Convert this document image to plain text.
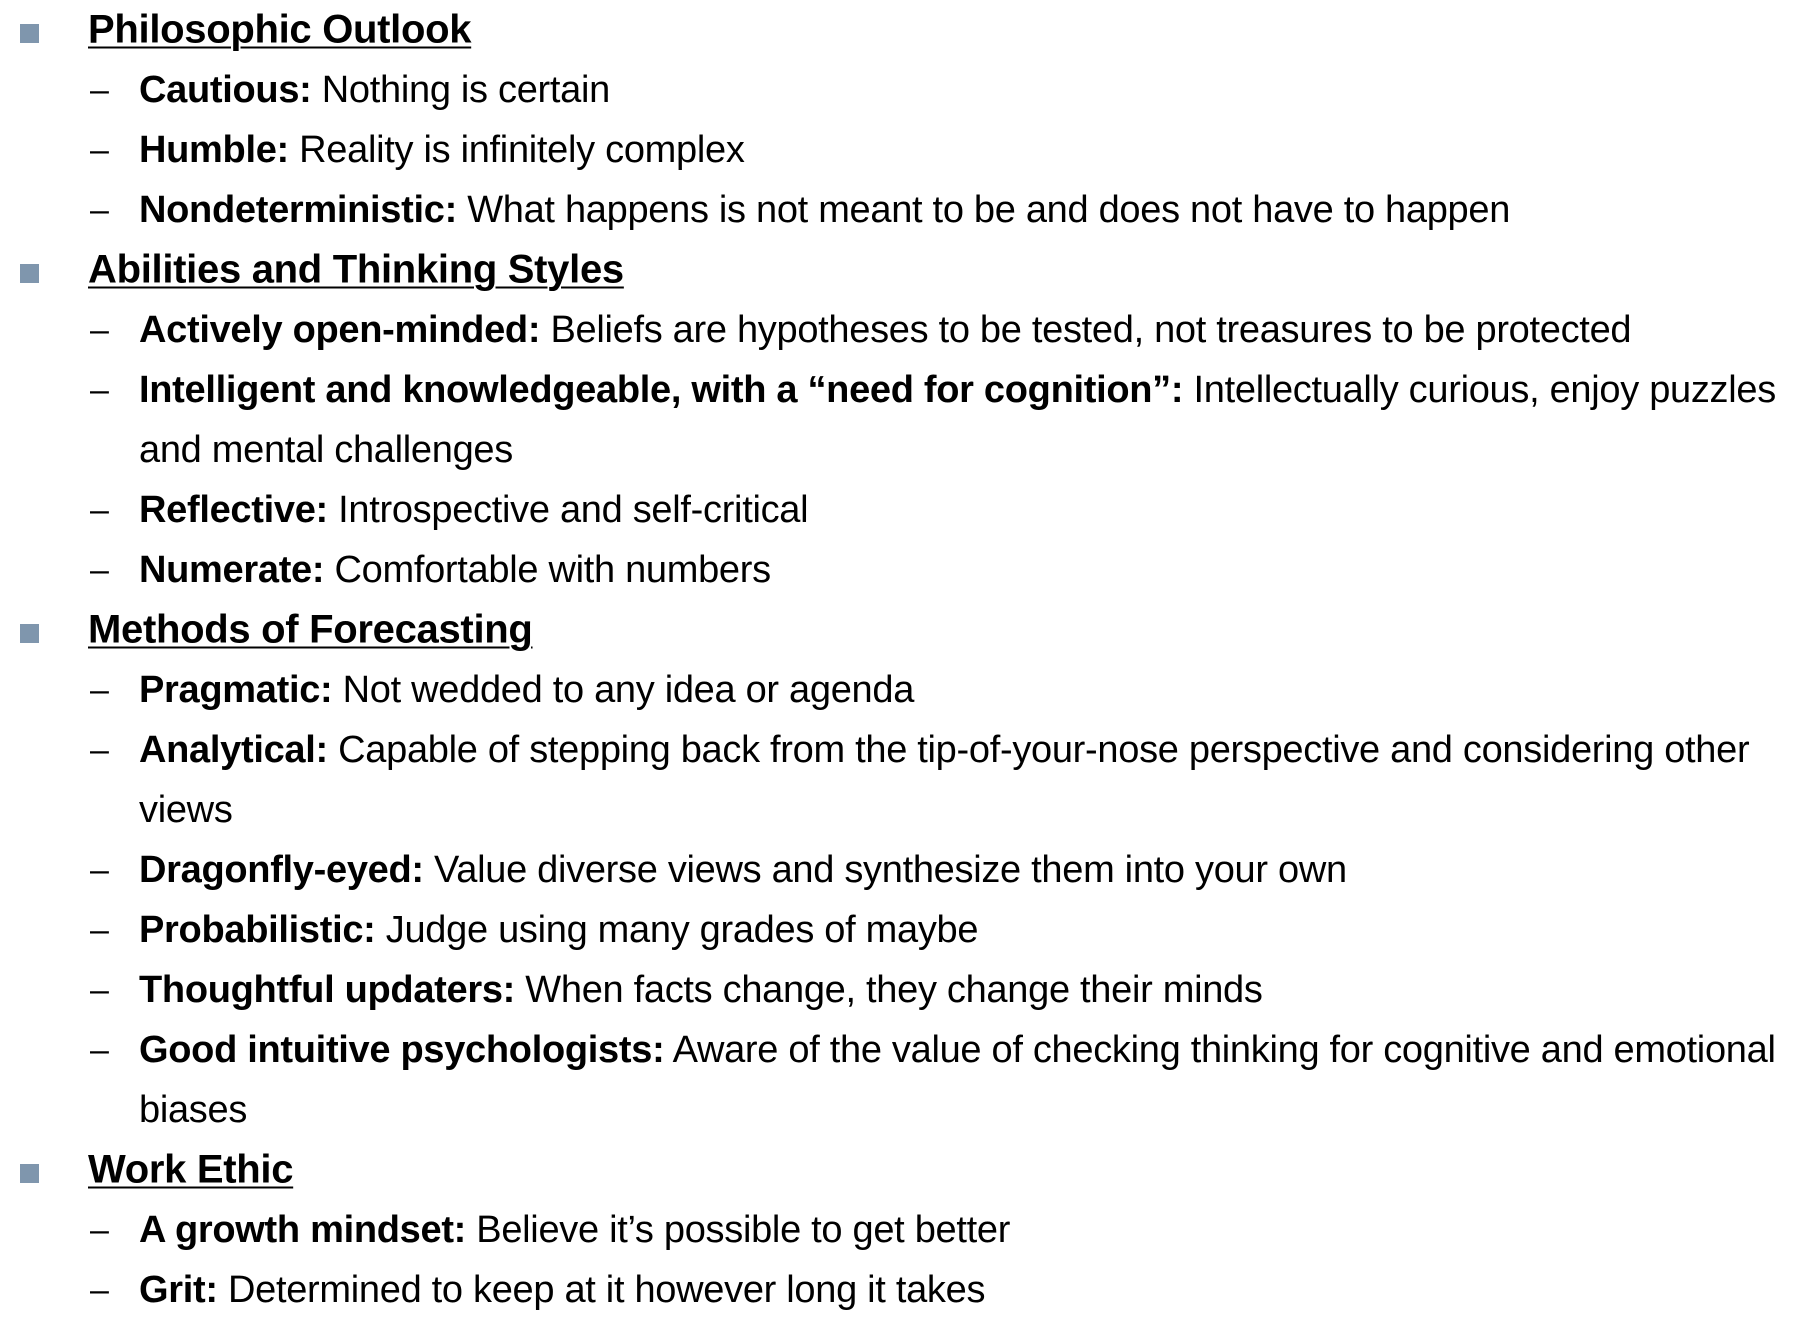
Philosophic Outlook
– Cautious: Nothing is certain
– Humble: Reality is infinitely complex
– Nondeterministic: What happens is not meant to be and does not have to happen
Abilities and Thinking Styles
– Actively open-minded: Beliefs are hypotheses to be tested, not treasures to be protected
– Intelligent and knowledgeable, with a “need for cognition”: Intellectually curious, enjoy puzzles and mental challenges
– Reflective: Introspective and self-critical
– Numerate: Comfortable with numbers
Methods of Forecasting
– Pragmatic: Not wedded to any idea or agenda
– Analytical: Capable of stepping back from the tip-of-your-nose perspective and considering other views
– Dragonfly-eyed: Value diverse views and synthesize them into your own
– Probabilistic: Judge using many grades of maybe
– Thoughtful updaters: When facts change, they change their minds
– Good intuitive psychologists: Aware of the value of checking thinking for cognitive and emotional biases
Work Ethic
– A growth mindset: Believe it’s possible to get better
– Grit: Determined to keep at it however long it takes
